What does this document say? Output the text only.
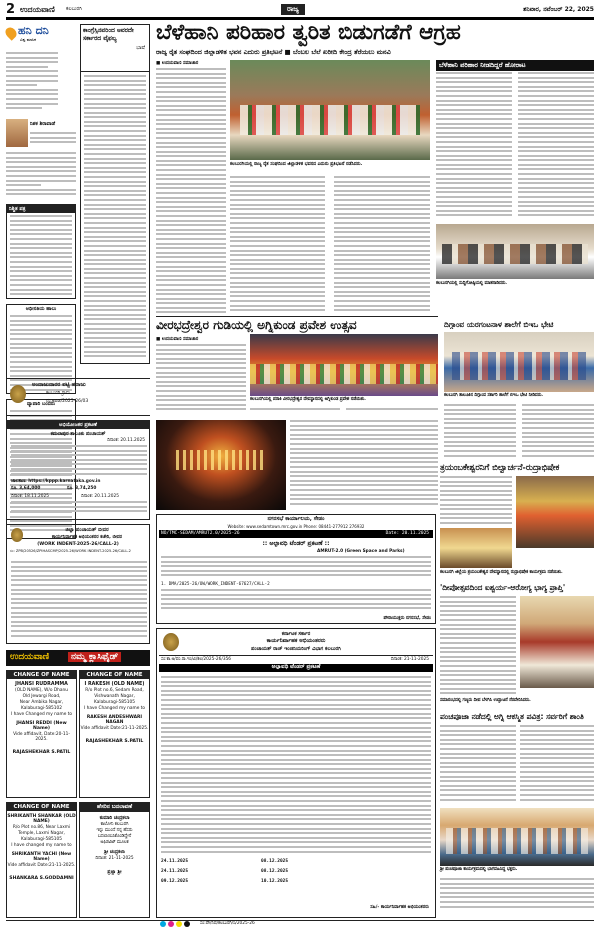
2 ಉದಯವಾಣಿ ಕಲಬುರಗಿ	ರಾಜ್ಯ	ಶನಿವಾರ, ನವೆಂಬರ್ 22, 2025
ಹನಿ ದನಿ
ವಿಶ್ವ ಮಾಸಿಕ
ನಿಶಕ ಶಿರಾವಾಡೆ
ನಿಶ್ಚಿತ ಪತ್ರ
ಅಧೀನತಿಯ ಹಾಲು
ವ್ಯಾಪಾರಿ ಬಂದರು
ಅಂದಾಜುದಾರರ ಪಟ್ಟಿ ಹರಾಜು
ಕಲಬುರಗಿ ಗ್ರಾಮ
ನಂ.ಅಪಿಡ/2025-26/03
ಕಾಂಗ್ರೆಸ್ಸಿನವರಿಂದ ಅವರದೇ ಸರ್ಕಾರದ ವೈಫಲ್ಯ
ಭಾಷೆ
ಬೆಳೆಹಾನಿ ಪರಿಹಾರ ತ್ವರಿತ ಬಿಡುಗಡೆಗೆ ಆಗ್ರಹ
ರಾಜ್ಯ ರೈತ ಸಂಘದಿಂದ ಜಿಲ್ಲಾಡಳಿತ ಭವನ ಎದುರು ಪ್ರತಿಭಟನೆ ■ ಬೆಂಬಲ ಬೆಲೆ ಖರೀದಿ ಕೇಂದ್ರ ತೆರೆಯಲು ಮನವಿ
■ ಉದಯವಾಣಿ ಸಮಾಚಾರ
ಕಲಬುರಗಿಯಲ್ಲಿ ರಾಜ್ಯ ರೈತ ಸಂಘದಿಂದ ಜಿಲ್ಲಾಡಳಿತ ಭವನದ ಎದುರು ಪ್ರತಿಭಟನೆ ನಡೆಸಿದರು.
ಬೆಳೆಹಾನಿ ಪರಿಹಾರ ನೀಡದಿದ್ದರೆ ಹೋರಾಟ
ಕಲಬುರಗಿಯಲ್ಲಿ ಸುದ್ದಿಗೋಷ್ಠಿಯಲ್ಲಿ ಮಾತನಾಡಿದರು.
ವೀರಭದ್ರೇಶ್ವರ ಗುಡಿಯಲ್ಲಿ ಅಗ್ನಿಕುಂಡ ಪ್ರವೇಶ ಉತ್ಸವ
■ ಉದಯವಾಣಿ ಸಮಾಚಾರ
ಕಲಬುರಗಿಯಲ್ಲಿ ಪರಾಕಿ ವೀರಭದ್ರೇಶ್ವರ ದೇವಸ್ಥಾನದಲ್ಲಿ ಅಗ್ನಿಕುಂಡ ಪ್ರವೇಶ ನಡೆಯಿತು.
ದಿಗ್ಗಾಂವ ಯರಗಂಟನಾಳ ಶಾಲೆಗೆ ಬಿಇಒ ಭೇಟಿ
ಕಲಬುರಗಿ ತಾಲೂಕಿನ ದಿಗ್ಗಾಂವ ಸರ್ಕಾರಿ ಶಾಲೆಗೆ ಬಿಇಒ ಭೇಟಿ ನೀಡಿದರು.
ತ್ರಯಂಬಕೇಶ್ವರನಿಗೆ ಬಿಲ್ವಾರ್ಚನೆ-ರುದ್ರಾಭಿಷೇಕ
ಕಲಬುರಗಿ ಜಿಲ್ಲೆಯ ತ್ರಯಂಬಕೇಶ್ವರ ದೇವಸ್ಥಾನದಲ್ಲಿ ರುದ್ರಾಭಿಷೇಕ ಕಾರ್ಯಕ್ರಮ ನಡೆಯಿತು.
'ದೀಪೋತ್ಸವದಿಂದ ಐಶ್ವರ್ಯ-ಆರೋಗ್ಯ ಭಾಗ್ಯ ಪ್ರಾಪ್ತಿ'
ಸಮಾರಂಭದಲ್ಲಿ ಗಣ್ಯರು ದೀಪ ಬೆಳಗಿಸಿ ಉದ್ಘಾಟನೆ ನೆರವೇರಿಸಿದರು.
ಪಂಚಪೂಜಾ ನಡೆದಲ್ಲಿ ಅಗ್ನಿ ಆಕಸ್ಮಿತ ಪವಿತ್ರ: ಸರ್ವರಿಗೆ ಶಾಂತಿ
ಶ್ರೀ ಪಂಚಪೂಜಾ ಕಾರ್ಯಕ್ರಮದಲ್ಲಿ ಭಾಗವಹಿಸಿದ್ದ ಭಕ್ತರು.
ನಗರಸಭೆ ಕಾರ್ಯಾಲಯ, ಸೇಡಂ
Website: www.sedamtown.mrc.gov.in Phone: 08441-277912 276932
NO/TMC-SEDAM/AMRUT2.0/2025-26	Date: 20.11.2025
:: ಅಲ್ಪಾವಧಿ ಟೆಂಡರ್ ಪ್ರಕಟಣೆ ::
AMRUT-2.0 (Green Space and Parks)
1. DMA/2025-26/OW/WORK_INDENT-67627/CALL-2
ಪೌರಾಯುಕ್ತರು ನಗರಸಭೆ, ಸೇಡಂ
ಕರ್ನಾಟಕ ಸರ್ಕಾರ
ಕಾರ್ಯನಿರ್ವಾಹಕ ಅಭಿಯಂತರರು
ಪಂಚಾಯತ್ ರಾಜ್ ಇಂಜಿನಿಯರಿಂಗ್ ವಿಭಾಗ ಕಲಬುರಗಿ
ಸಂ:ಕಾ.ಅ/ಪಂ.ರಾ.ಇಂ/ವಿ/ಕಲ/2025-26/356	ದಿನಾಂಕ: 21-11-2025
ಅಲ್ಪಾವಧಿ ಟೆಂಡರ್ ಪ್ರಕಟಣೆ
24.11.2025	08.12.2025
24.11.2025	08.12.2025
09.12.2025	10.12.2025
ಸಹಿ/- ಕಾರ್ಯನಿರ್ವಾಹಕ ಅಭಿಯಂತರರು
ಅಭಿಯೋಜಕರ ಪ್ರಕಟಣೆ
ಕಮಲಾಪುರ ತಾಲೂಕು ಪಂಚಾಯತ್
ದಿನಾಂಕ: 20.11.2025
ಜಾಲತಾಣ: https://kppp.karnataka.gov.in
ರೂ. 3,64,000	ರೂ. 3,74,250
ದಿನಾಂಕ: 18.11.2025	ದಿನಾಂಕ: 20.11.2025
ಜಿಲ್ಲಾ ಪಂಚಾಯತ್ ಬೀದರ
ಕಾರ್ಯನಿರ್ವಾಹಕ ಅಭಿಯಂತರರ ಕಚೇರಿ, ಬೀದರ
(WORK INDENT-2025-26/CALL-2)
ಸಂ: ZPB/20526/ZPIHASCMP/2025-26/WORK INDENT-2025-26/CALL-2
ಉದಯವಾಣಿ	ನಮ್ಮ ಕ್ಲಾಸಿಫೈಡ್
CHANGE OF NAME
JHANSI RUDRAMMA
(OLD NAME), W/o Dhanu
Old Jewargi Road,
Near Ambika Nagar,
Kalaburagi-585102
I have Changed my name to
JHANSI REDDI (New Name)
Vide affidavit, Date:20-11-2025.
RAJASHEKHAR S.PATIL
CHANGE OF NAME
I RAKESH (OLD NAME)
R/o Plot no.6, Sedam Road,
Vishwanath Nagar,
Kalaburagi-585105
I have Changed my name to
RAKESH ANDESHWARI NAGAN
Vide affidavit Date:21-11-2025.
RAJASHEKHAR S.PATIL
CHANGE OF NAME
SHRIKANTH SHANKAR (OLD NAME)
R/o Plot no.86, Near Laxmi
Temple, Laxmi Nagar,
Kalaburagi-585105
I have changed my name to
SHRIKANTH YACHI (New Name)
Vide affidavit Date:21-11-2025.
SHANKARA S.GODDAMNI
ಹೆಸರಿನ ಬದಲಾವಣೆ
ಕುಮಾರಿ ಚಂದ್ರಕಲಾ
ಕಾಲೋನಿ ಕಲಬುರಗಿ
ಇನ್ನು ಮುಂದೆ ನನ್ನ ಹೆಸರು
ಬದಲಾಯಿಸಿಕೊಂಡಿದ್ದೇನೆ
ಅಫಿಡವಿಟ್ ಮೂಲಕ
ಶ್ರೀ ಚಂದ್ರಕಲಾ
ದಿನಾಂಕ: 21-11-2025
ಪ್ರಜ್ಞಾ ಶ್ರೀ
ಸಂ:ಪೌ/ನಿಪ/ಕಲಬುರಗಿ/ಸಿ/2025-26
